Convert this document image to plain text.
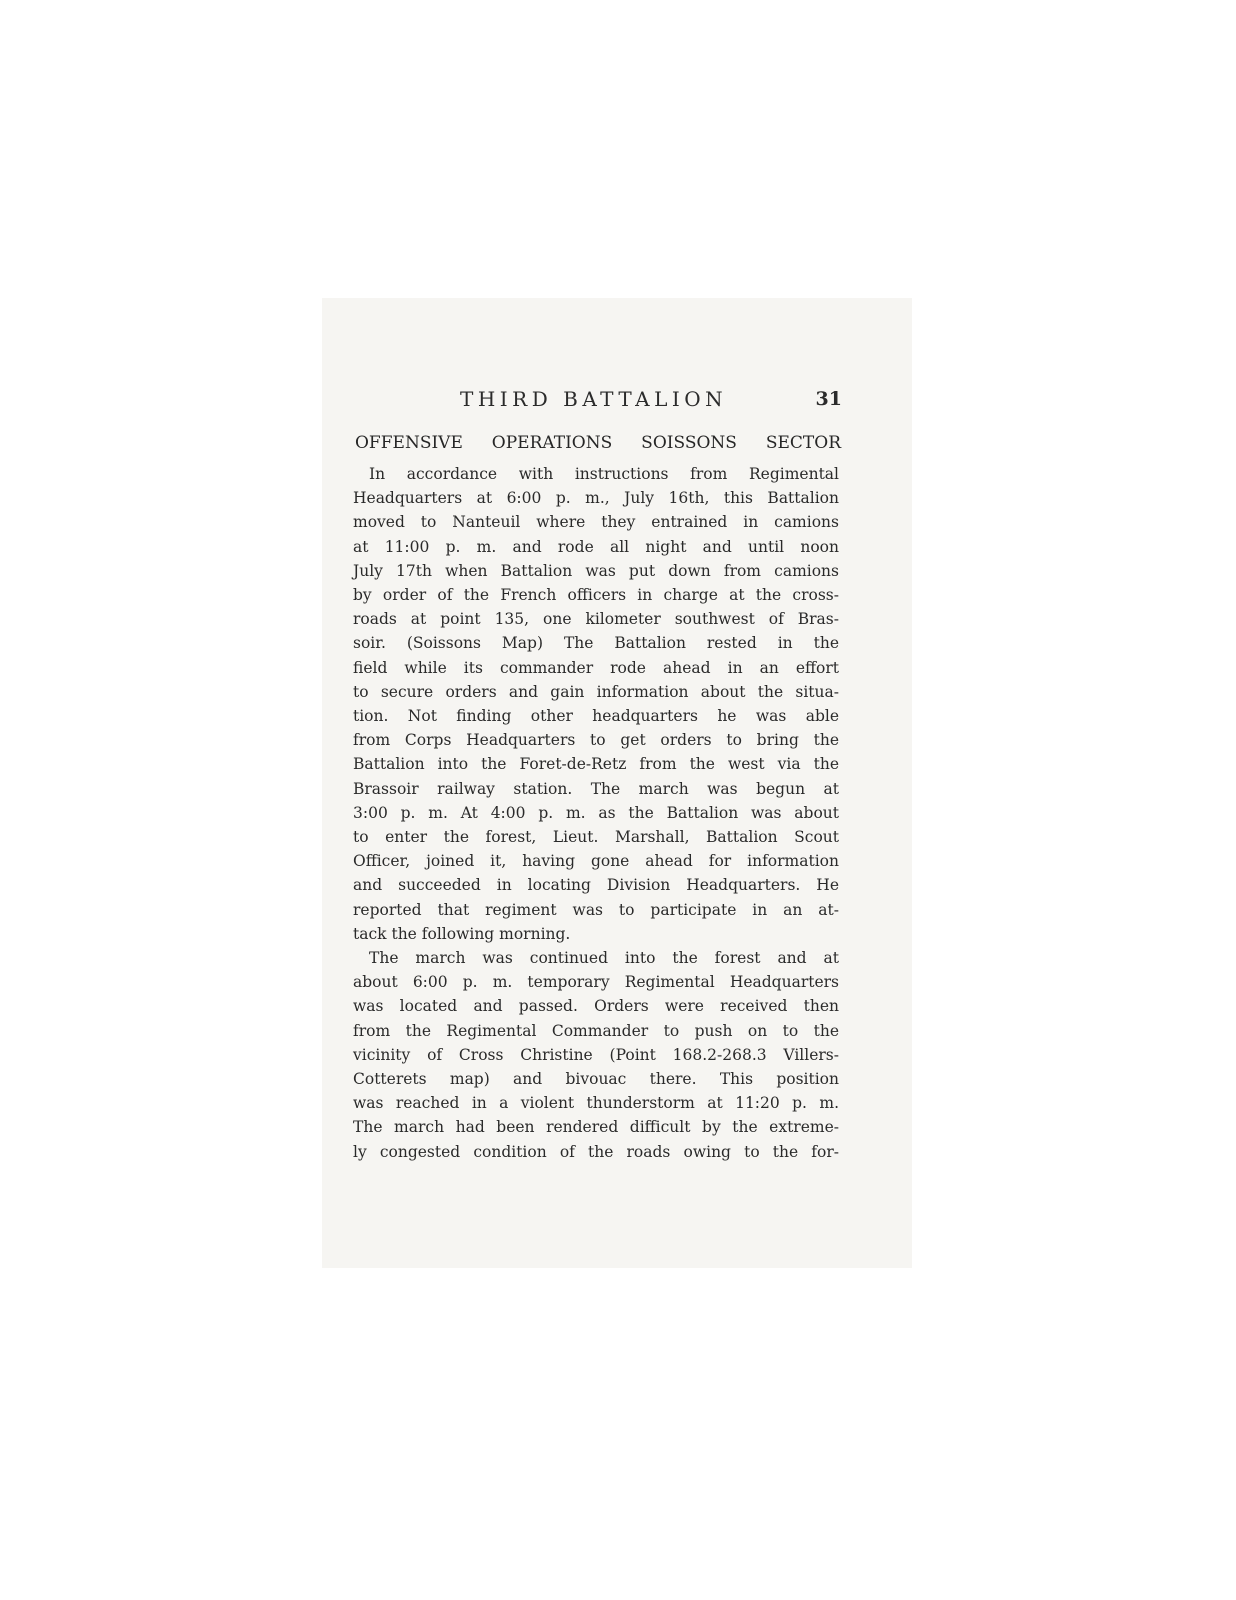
THIRD BATTALION	31
OFFENSIVE OPERATIONS SOISSONS SECTOR
In accordance with instructions from Regimental
Headquarters at 6:00 p. m., July 16th, this Battalion
moved to Nanteuil where they entrained in camions
at 11:00 p. m. and rode all night and until noon
July 17th when Battalion was put down from camions
by order of the French officers in charge at the cross-
roads at point 135, one kilometer southwest of Bras-
soir. (Soissons Map) The Battalion rested in the
field while its commander rode ahead in an effort
to secure orders and gain information about the situa-
tion. Not finding other headquarters he was able
from Corps Headquarters to get orders to bring the
Battalion into the Foret-de-Retz from the west via the
Brassoir railway station. The march was begun at
3:00 p. m. At 4:00 p. m. as the Battalion was about
to enter the forest, Lieut. Marshall, Battalion Scout
Officer, joined it, having gone ahead for information
and succeeded in locating Division Headquarters. He
reported that regiment was to participate in an at-
tack the following morning.
The march was continued into the forest and at
about 6:00 p. m. temporary Regimental Headquarters
was located and passed. Orders were received then
from the Regimental Commander to push on to the
vicinity of Cross Christine (Point 168.2-268.3 Villers-
Cotterets map) and bivouac there. This position
was reached in a violent thunderstorm at 11:20 p. m.
The march had been rendered difficult by the extreme-
ly congested condition of the roads owing to the for-
